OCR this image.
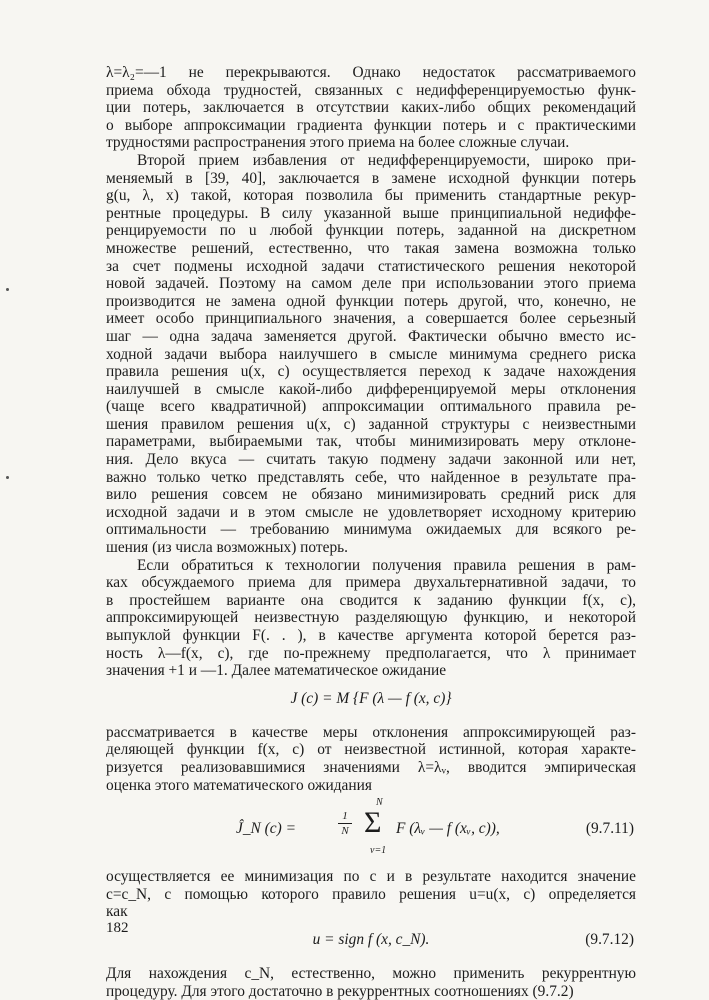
λ=λ₂=—1 не перекрываются. Однако недостаток рассматриваемого
приема обхода трудностей, связанных с недифференцируемостью функ-
ции потерь, заключается в отсутствии каких-либо общих рекомендаций
о выборе аппроксимации градиента функции потерь и с практическими
трудностями распространения этого приема на более сложные случаи.
Второй прием избавления от недифференцируемости, широко при-
меняемый в [39, 40], заключается в замене исходной функции потерь
g(u, λ, x) такой, которая позволила бы применить стандартные рекур-
рентные процедуры. В силу указанной выше принципиальной недиффе-
ренцируемости по u любой функции потерь, заданной на дискретном
множестве решений, естественно, что такая замена возможна только
за счет подмены исходной задачи статистического решения некоторой
новой задачей. Поэтому на самом деле при использовании этого приема
производится не замена одной функции потерь другой, что, конечно, не
имеет особо принципиального значения, а совершается более серьезный
шаг — одна задача заменяется другой. Фактически обычно вместо ис-
ходной задачи выбора наилучшего в смысле минимума среднего риска
правила решения u(x, c) осуществляется переход к задаче нахождения
наилучшей в смысле какой-либо дифференцируемой меры отклонения
(чаще всего квадратичной) аппроксимации оптимального правила ре-
шения правилом решения u(x, c) заданной структуры с неизвестными
параметрами, выбираемыми так, чтобы минимизировать меру отклоне-
ния. Дело вкуса — считать такую подмену задачи законной или нет,
важно только четко представлять себе, что найденное в результате пра-
вило решения совсем не обязано минимизировать средний риск для
исходной задачи и в этом смысле не удовлетворяет исходному критерию
оптимальности — требованию минимума ожидаемых для всякого ре-
шения (из числа возможных) потерь.
Если обратиться к технологии получения правила решения в рам-
ках обсуждаемого приема для примера двухальтернативной задачи, то
в простейшем варианте она сводится к заданию функции f(x, c),
аппроксимирующей неизвестную разделяющую функцию, и некоторой
выпуклой функции F(. . ), в качестве аргумента которой берется раз-
ность λ—f(x, c), где по-прежнему предполагается, что λ принимает
значения +1 и —1. Далее математическое ожидание
J (c) = M {F (λ — f (x, c)}
рассматривается в качестве меры отклонения аппроксимирующей раз-
деляющей функции f(x, c) от неизвестной истинной, которая характе-
ризуется реализовавшимися значениями λ=λᵥ, вводится эмпирическая
оценка этого математического ожидания
Ĵ_N (c) =
1
N Σ
N
ν=1
F (λᵥ — f (xᵥ, c)),	(9.7.11)
осуществляется ее минимизация по c и в результате находится значение
c=c_N, с помощью которого правило решения u=u(x, c) определяется
как
u = sign f (x, c_N).	(9.7.12)
Для нахождения c_N, естественно, можно применить рекуррентную
процедуру. Для этого достаточно в рекуррентных соотношениях (9.7.2)
182
